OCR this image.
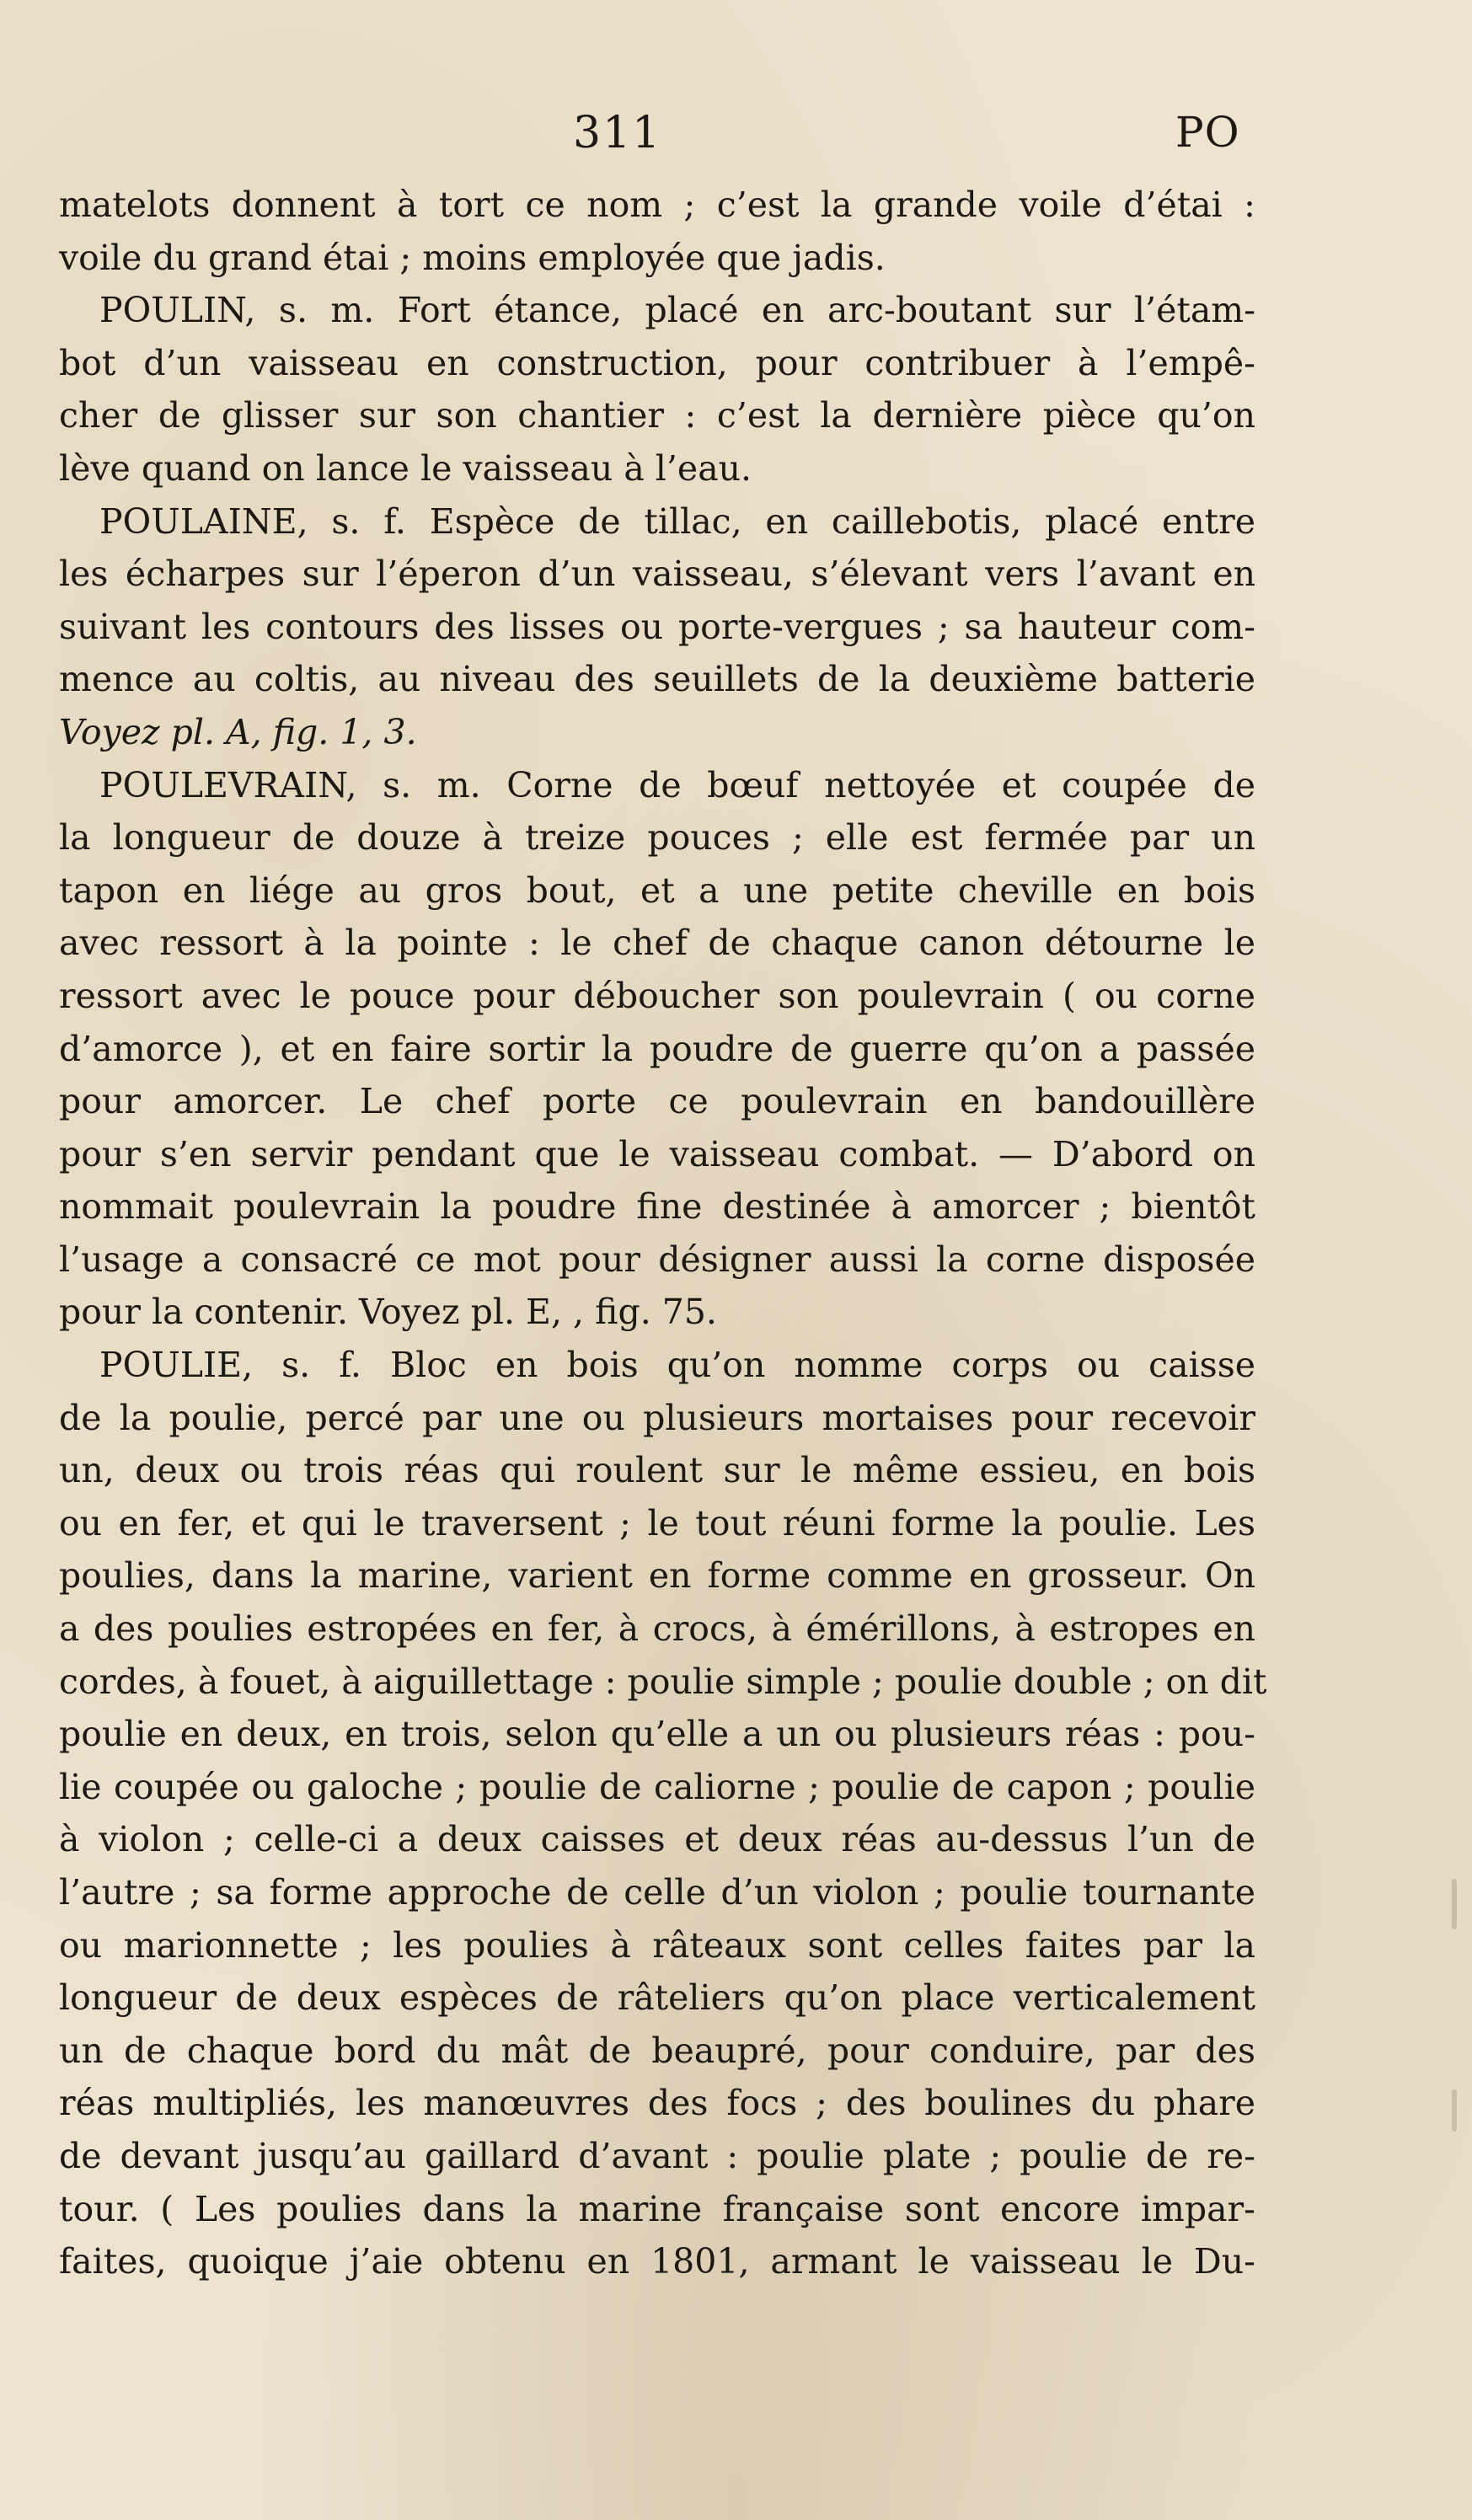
311	PO
matelots donnent à tort ce nom ; c’est la grande voile d’étai :
voile du grand étai ; moins employée que jadis.
POULIN, s. m. Fort étance, placé en arc-boutant sur l’étam-
bot d’un vaisseau en construction, pour contribuer à l’empê-
cher de glisser sur son chantier : c’est la dernière pièce qu’on
lève quand on lance le vaisseau à l’eau.
POULAINE, s. f. Espèce de tillac, en caillebotis, placé entre
les écharpes sur l’éperon d’un vaisseau, s’élevant vers l’avant en
suivant les contours des lisses ou porte-vergues ; sa hauteur com-
mence au coltis, au niveau des seuillets de la deuxième batterie
Voyez pl. A, fig. 1, 3.
POULEVRAIN, s. m. Corne de bœuf nettoyée et coupée de
la longueur de douze à treize pouces ; elle est fermée par un
tapon en liége au gros bout, et a une petite cheville en bois
avec ressort à la pointe : le chef de chaque canon détourne le
ressort avec le pouce pour déboucher son poulevrain ( ou corne
d’amorce ), et en faire sortir la poudre de guerre qu’on a passée
pour amorcer. Le chef porte ce poulevrain en bandouillère
pour s’en servir pendant que le vaisseau combat. — D’abord on
nommait poulevrain la poudre fine destinée à amorcer ; bientôt
l’usage a consacré ce mot pour désigner aussi la corne disposée
pour la contenir. Voyez pl. E, , fig. 75.
POULIE, s. f. Bloc en bois qu’on nomme corps ou caisse
de la poulie, percé par une ou plusieurs mortaises pour recevoir
un, deux ou trois réas qui roulent sur le même essieu, en bois
ou en fer, et qui le traversent ; le tout réuni forme la poulie. Les
poulies, dans la marine, varient en forme comme en grosseur. On
a des poulies estropées en fer, à crocs, à émérillons, à estropes en
cordes, à fouet, à aiguillettage : poulie simple ; poulie double ; on dit
poulie en deux, en trois, selon qu’elle a un ou plusieurs réas : pou-
lie coupée ou galoche ; poulie de caliorne ; poulie de capon ; poulie
à violon ; celle-ci a deux caisses et deux réas au-dessus l’un de
l’autre ; sa forme approche de celle d’un violon ; poulie tournante
ou marionnette ; les poulies à râteaux sont celles faites par la
longueur de deux espèces de râteliers qu’on place verticalement
un de chaque bord du mât de beaupré, pour conduire, par des
réas multipliés, les manœuvres des focs ; des boulines du phare
de devant jusqu’au gaillard d’avant : poulie plate ; poulie de re-
tour. ( Les poulies dans la marine française sont encore impar-
faites, quoique j’aie obtenu en 1801, armant le vaisseau le Du-
